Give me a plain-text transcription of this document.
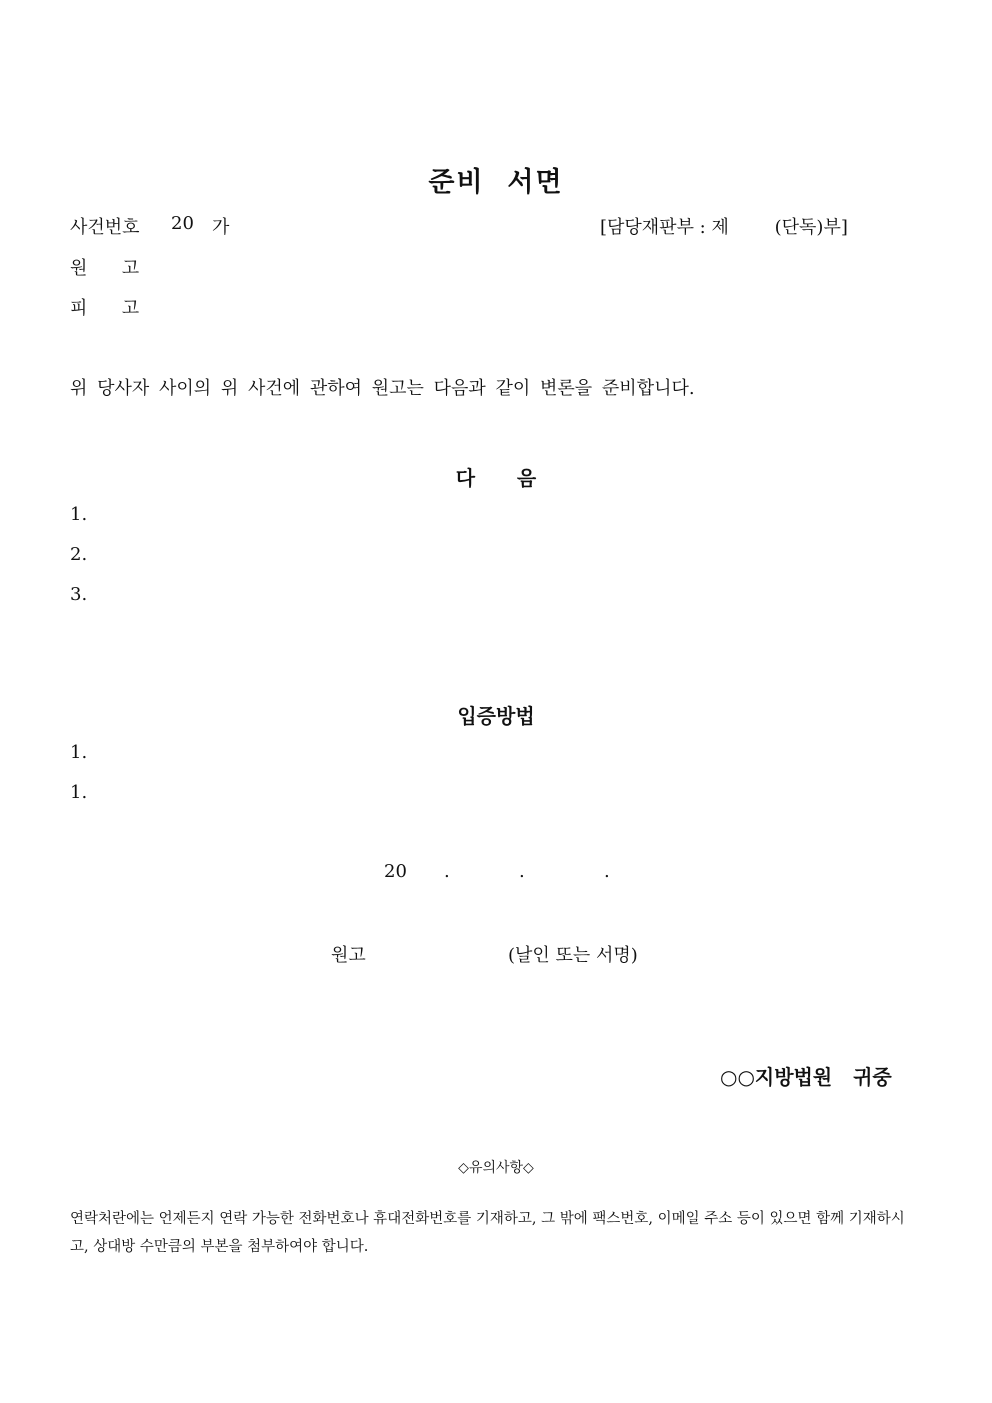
준비  서면
사건번호 20 가	[담당재판부 : 제        (단독)부]
원      고
피      고
위 당사자 사이의 위 사건에 관하여 원고는 다음과 같이 변론을 준비합니다.
다      음
1.
2.
3.
입증방법
1.
1.
20 .	.	.
원고	(날인 또는 서명)
○○지방법원   귀중
◇유의사항◇
연락처란에는 언제든지 연락 가능한 전화번호나 휴대전화번호를 기재하고, 그 밖에 팩스번호, 이메일 주소 등이 있으면 함께 기재하시고, 상대방 수만큼의 부본을 첨부하여야 합니다.
